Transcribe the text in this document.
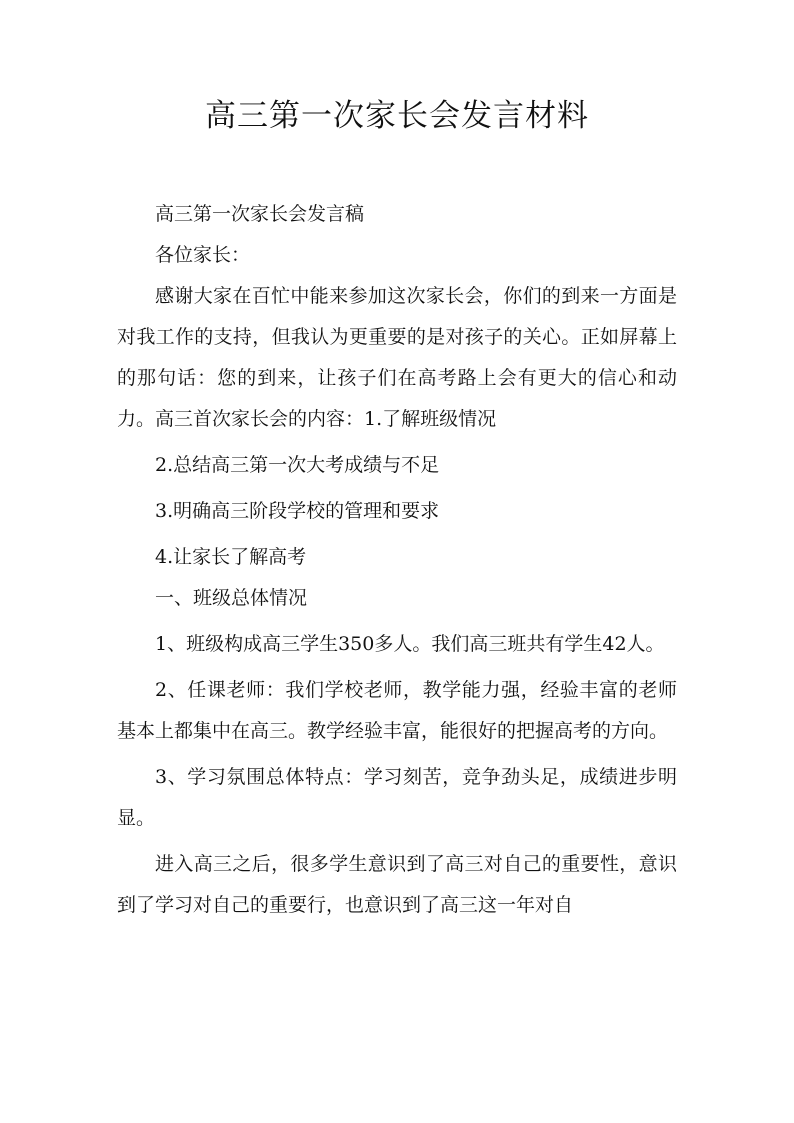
高三第一次家长会发言材料

高三第一次家长会发言稿

各位家长：

感谢大家在百忙中能来参加这次家长会，你们的到来一方面是对我工作的支持，但我认为更重要的是对孩子的关心。正如屏幕上的那句话：您的到来，让孩子们在高考路上会有更大的信心和动力。高三首次家长会的内容：1.了解班级情况

2.总结高三第一次大考成绩与不足

3.明确高三阶段学校的管理和要求

4.让家长了解高考

一、班级总体情况

1、班级构成高三学生350多人。我们高三班共有学生42人。

2、任课老师：我们学校老师，教学能力强，经验丰富的老师基本上都集中在高三。教学经验丰富，能很好的把握高考的方向。

3、学习氛围总体特点：学习刻苦，竞争劲头足，成绩进步明显。

进入高三之后，很多学生意识到了高三对自己的重要性，意识到了学习对自己的重要行，也意识到了高三这一年对自
